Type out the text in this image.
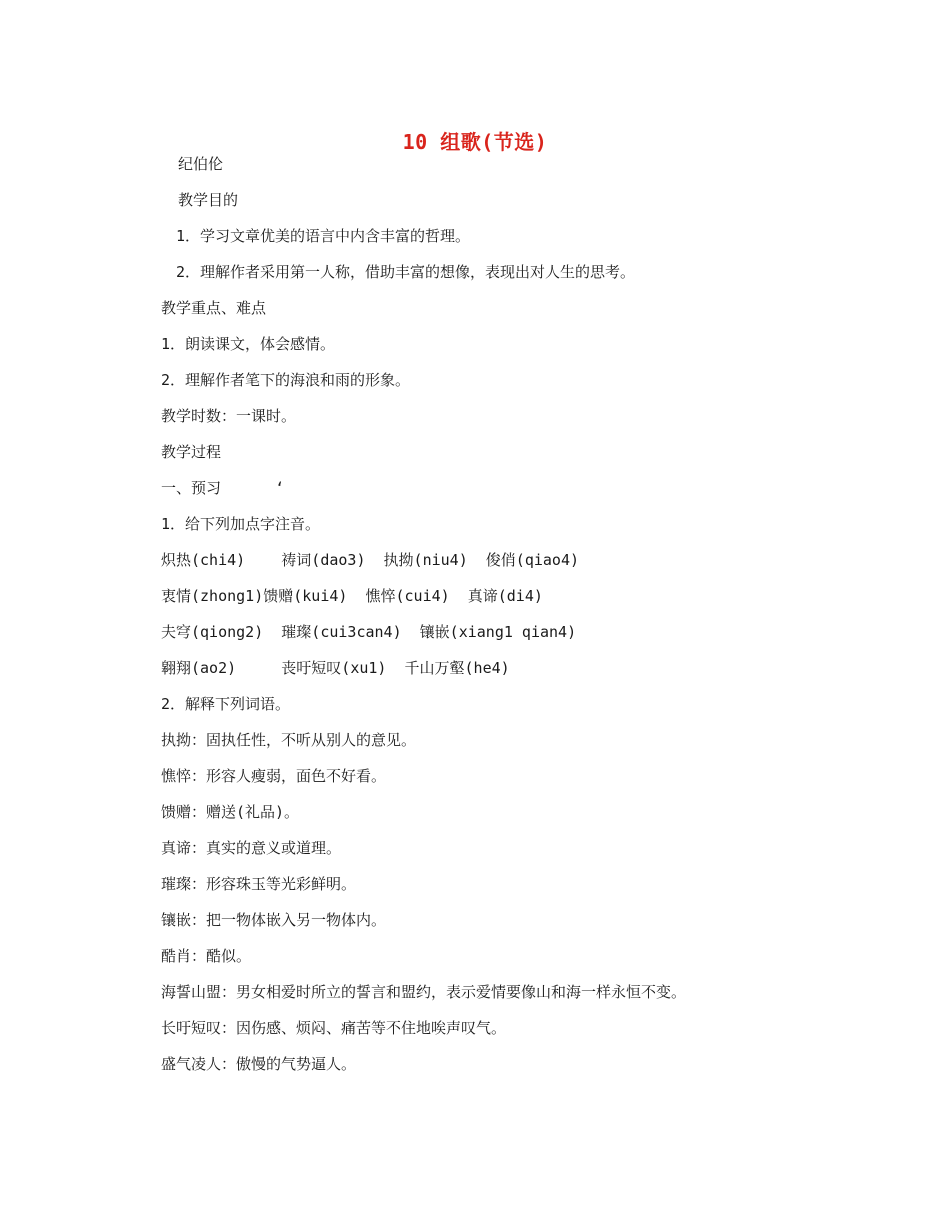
10 组歌(节选)
纪伯伦
教学目的
1．学习文章优美的语言中内含丰富的哲理。
2．理解作者采用第一人称，借助丰富的想像，表现出对人生的思考。
教学重点、难点
1．朗读课文，体会感情。
2．理解作者笔下的海浪和雨的形象。
教学时数：一课时。
教学过程
一、预习      ‘
1．给下列加点字注音。
炽热(chi4)    祷词(dao3)  执拗(niu4)  俊俏(qiao4)
衷情(zhong1)馈赠(kui4)  憔悴(cui4)  真谛(di4)
夫穹(qiong2)  璀璨(cui3can4)  镶嵌(xiang1 qian4)
翱翔(ao2)     丧吁短叹(xu1)  千山万壑(he4)
2．解释下列词语。
执拗：固执任性，不听从别人的意见。
憔悴：形容人瘦弱，面色不好看。
馈赠：赠送(礼品)。
真谛：真实的意义或道理。
璀璨：形容珠玉等光彩鲜明。
镶嵌：把一物体嵌入另一物体内。
酷肖：酷似。
海誓山盟：男女相爱时所立的誓言和盟约，表示爱情要像山和海一样永恒不变。
长吁短叹：因伤感、烦闷、痛苦等不住地唉声叹气。
盛气凌人：傲慢的气势逼人。
